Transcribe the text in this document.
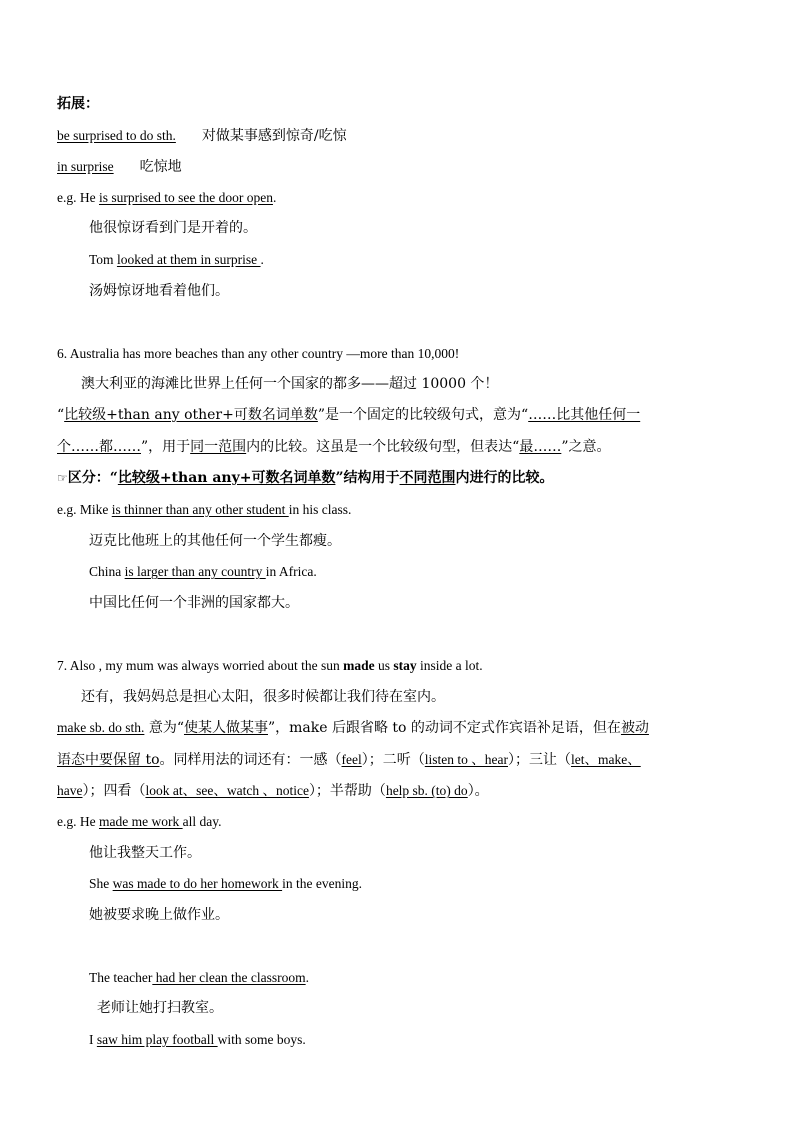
拓展：
be surprised to do sth. 对做某事感到惊奇/吃惊
in surprise 吃惊地
e.g. He is surprised to see the door open.
他很惊讶看到门是开着的。
Tom looked at them in surprise .
汤姆惊讶地看着他们。
6. Australia has more beaches than any other country —more than 10,000!
澳大利亚的海滩比世界上任何一个国家的都多——超过 10000 个！
“比较级+than any other+可数名词单数”是一个固定的比较级句式，意为“……比其他任何一
个……都……”，用于同一范围内的比较。这虽是一个比较级句型，但表达“最……”之意。
☞区分：“比较级+than any+可数名词单数”结构用于不同范围内进行的比较。
e.g. Mike is thinner than any other student in his class.
迈克比他班上的其他任何一个学生都瘦。
China is larger than any country in Africa.
中国比任何一个非洲的国家都大。
7. Also , my mum was always worried about the sun made us stay inside a lot.
还有，我妈妈总是担心太阳，很多时候都让我们待在室内。
make sb. do sth. 意为“使某人做某事”，make 后跟省略 to 的动词不定式作宾语补足语，但在被动
语态中要保留 to。同样用法的词还有：一感（feel）；二听（listen to 、hear）；三让（let、make、
have）；四看（look at、see、watch 、notice）；半帮助（help sb. (to) do）。
e.g. He made me work all day.
他让我整天工作。
She was made to do her homework in the evening.
她被要求晚上做作业。
The teacher had her clean the classroom.
老师让她打扫教室。
I saw him play football with some boys.
